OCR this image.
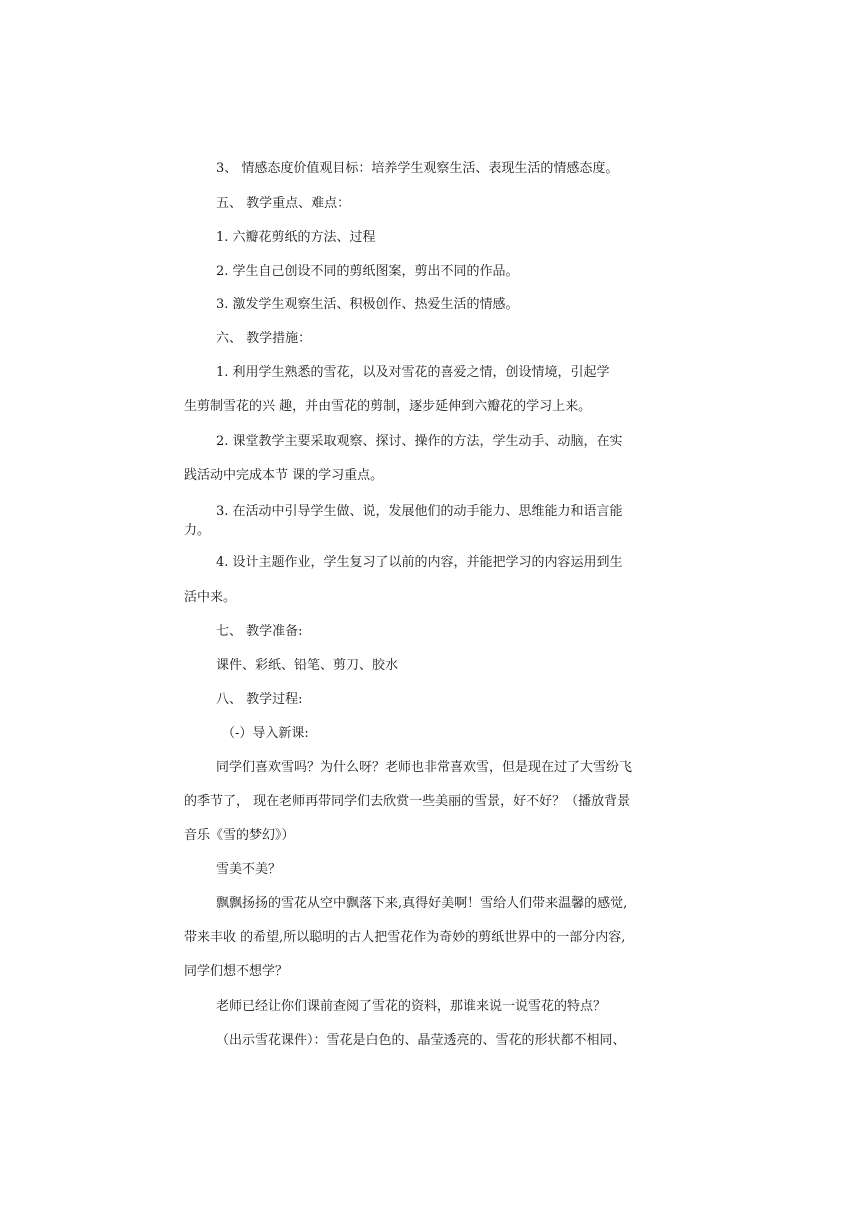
3、 情感态度价值观目标：培养学生观察生活、表现生活的情感态度。
五、 教学重点、难点：
1. 六瓣花剪纸的方法、过程
2. 学生自己创设不同的剪纸图案，剪出不同的作品。
3. 激发学生观察生活、积极创作、热爱生活的情感。
六、 教学措施：
1. 利用学生熟悉的雪花，以及对雪花的喜爱之情，创设情境，引起学
生剪制雪花的兴 趣，并由雪花的剪制，逐步延伸到六瓣花的学习上来。
2. 课堂教学主要采取观察、探讨、操作的方法，学生动手、动脑，在实
践活动中完成本节 课的学习重点。
3. 在活动中引导学生做、说，发展他们的动手能力、思维能力和语言能
力。
4. 设计主题作业，学生复习了以前的内容，并能把学习的内容运用到生
活中来。
七、 教学准备:
课件、彩纸、铅笔、剪刀、胶水
八、 教学过程:
（-）导入新课:
同学们喜欢雪吗？为什么呀？老师也非常喜欢雪，但是现在过了大雪纷飞
的季节了， 现在老师再带同学们去欣赏一些美丽的雪景，好不好？（播放背景
音乐《雪的梦幻》）
雪美不美？
飘飘扬扬的雪花从空中飘落下来,真得好美啊！雪给人们带来温馨的感觉,
带来丰收 的希望,所以聪明的古人把雪花作为奇妙的剪纸世界中的一部分内容,
同学们想不想学？
老师已经让你们课前查阅了雪花的资料，那谁来说一说雪花的特点？
（出示雪花课件）：雪花是白色的、晶莹透亮的、雪花的形状都不相同、
